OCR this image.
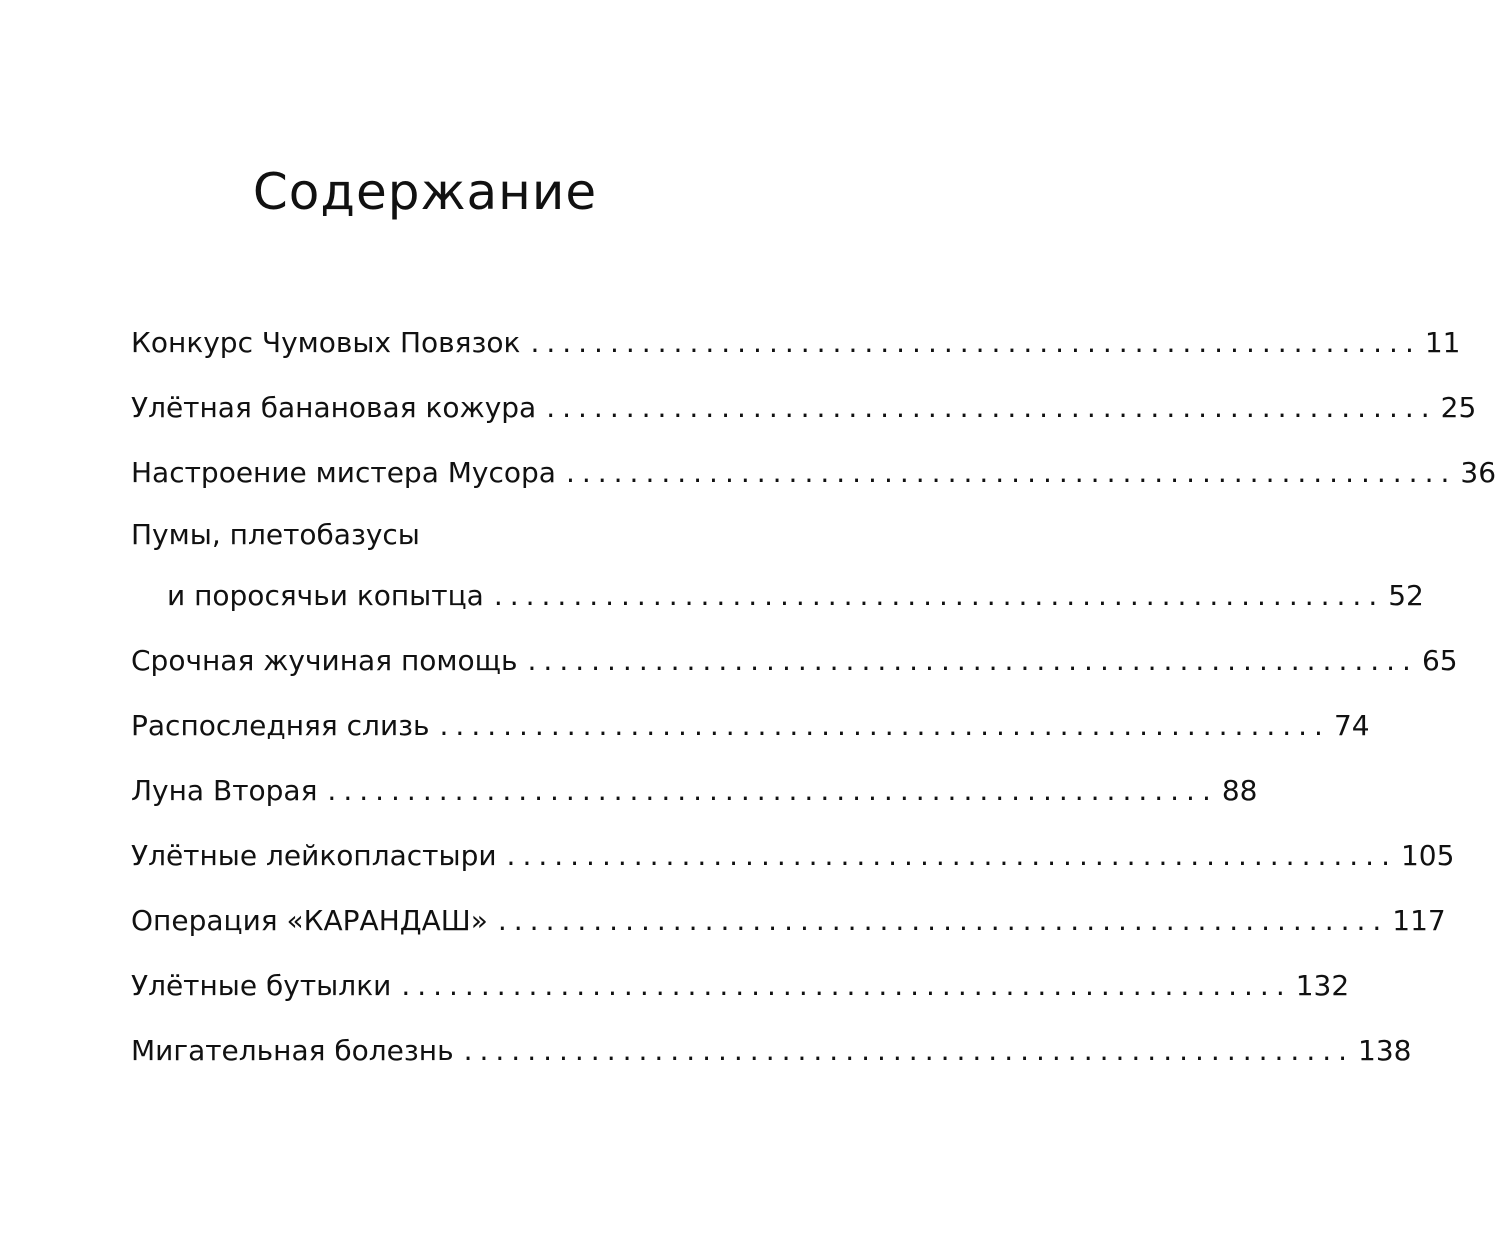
Содержание
Конкурс Чумовых Повязок ........................................................ 11
Улётная банановая кожура ........................................................ 25
Настроение мистера Мусора ........................................................ 36
Пумы, плетобазусы
и поросячьи копытца ........................................................ 52
Срочная жучиная помощь ........................................................ 65
Распоследняя слизь ........................................................ 74
Луна Вторая ........................................................ 88
Улётные лейкопластыри ........................................................ 105
Операция «КАРАНДАШ» ........................................................ 117
Улётные бутылки ........................................................ 132
Мигательная болезнь ........................................................ 138
